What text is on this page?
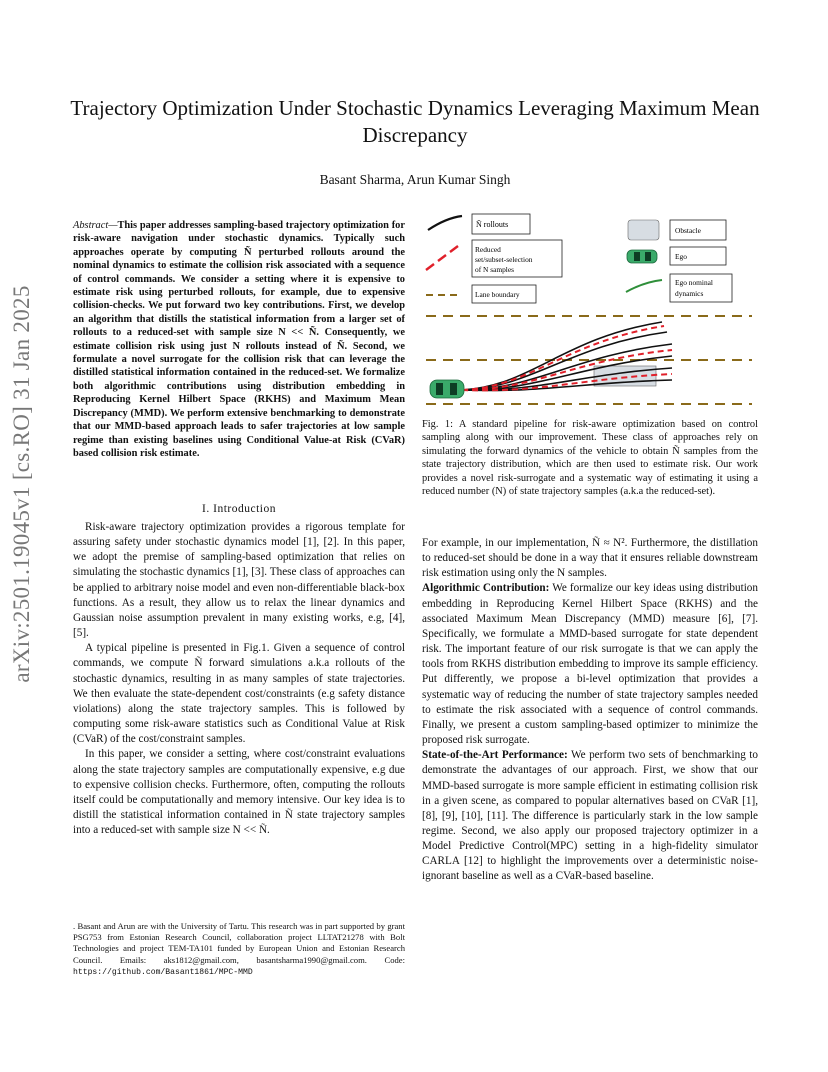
arXiv:2501.19045v1 [cs.RO] 31 Jan 2025
Trajectory Optimization Under Stochastic Dynamics Leveraging Maximum Mean Discrepancy
Basant Sharma, Arun Kumar Singh
Abstract—This paper addresses sampling-based trajectory optimization for risk-aware navigation under stochastic dynamics. Typically such approaches operate by computing Ñ perturbed rollouts around the nominal dynamics to estimate the collision risk associated with a sequence of control commands. We consider a setting where it is expensive to estimate risk using perturbed rollouts, for example, due to expensive collision-checks. We put forward two key contributions. First, we develop an algorithm that distills the statistical information from a larger set of rollouts to a reduced-set with sample size N << Ñ. Consequently, we estimate collision risk using just N rollouts instead of Ñ. Second, we formulate a novel surrogate for the collision risk that can leverage the distilled statistical information contained in the reduced-set. We formalize both algorithmic contributions using distribution embedding in Reproducing Kernel Hilbert Space (RKHS) and Maximum Mean Discrepancy (MMD). We perform extensive benchmarking to demonstrate that our MMD-based approach leads to safer trajectories at low sample regime than existing baselines using Conditional Value-at Risk (CVaR) based collision risk estimate.
I. Introduction

Risk-aware trajectory optimization provides a rigorous template for assuring safety under stochastic dynamics model [1], [2]. In this paper, we adopt the premise of sampling-based optimization that relies on simulating the stochastic dynamics [1], [3]. These class of approaches can be applied to arbitrary noise model and even non-differentiable black-box functions. As a result, they allow us to relax the linear dynamics and Gaussian noise assumption prevalent in many existing works, e.g, [4], [5].

A typical pipeline is presented in Fig.1. Given a sequence of control commands, we compute Ñ forward simulations a.k.a rollouts of the stochastic dynamics, resulting in as many samples of state trajectories. We then evaluate the state-dependent cost/constraints (e.g safety distance violations) along the state trajectory samples. This is followed by computing some risk-aware statistics such as Conditional Value at Risk (CVaR) of the cost/constraint samples.

In this paper, we consider a setting, where cost/constraint evaluations along the state trajectory samples are computationally expensive, e.g due to expensive collision checks. Furthermore, often, computing the rollouts itself could be computationally and memory intensive. Our key idea is to distill the statistical information contained in Ñ state trajectory samples into a reduced-set with sample size N << Ñ.

. Basant and Arun are with the University of Tartu. This research was in part supported by grant PSG753 from Estonian Research Council, collaboration project LLTAT21278 with Bolt Technologies and project TEM-TA101 funded by European Union and Estonian Research Council. Emails: aks1812@gmail.com, basantsharma1990@gmail.com. Code: https://github.com/Basant1861/MPC-MMD
Ñ rollouts
Reduced
set/subset-selection
of N samples
Lane boundary
Obstacle
Ego
Ego nominal
dynamics
Fig. 1: A standard pipeline for risk-aware optimization based on control sampling along with our improvement. These class of approaches rely on simulating the forward dynamics of the vehicle to obtain Ñ samples from the state trajectory distribution, which are then used to estimate risk. Our work provides a novel risk-surrogate and a systematic way of estimating it using a reduced number (N) of state trajectory samples (a.k.a the reduced-set).

For example, in our implementation, Ñ ≈ N². Furthermore, the distillation to reduced-set should be done in a way that it ensures reliable downstream risk estimation using only the N samples.

Algorithmic Contribution: We formalize our key ideas using distribution embedding in Reproducing Kernel Hilbert Space (RKHS) and the associated Maximum Mean Discrepancy (MMD) measure [6], [7]. Specifically, we formulate a MMD-based surrogate for state dependent risk. The important feature of our risk surrogate is that we can apply the tools from RKHS distribution embedding to improve its sample efficiency. Put differently, we propose a bi-level optimization that provides a systematic way of reducing the number of state trajectory samples needed to estimate the risk associated with a sequence of control commands. Finally, we present a custom sampling-based optimizer to minimize the proposed risk surrogate.

State-of-the-Art Performance: We perform two sets of benchmarking to demonstrate the advantages of our approach. First, we show that our MMD-based surrogate is more sample efficient in estimating collision risk in a given scene, as compared to popular alternatives based on CVaR [1], [8], [9], [10], [11]. The difference is particularly stark in the low sample regime. Second, we also apply our proposed trajectory optimizer in a Model Predictive Control(MPC) setting in a high-fidelity simulator CARLA [12] to highlight the improvements over a deterministic noise-ignorant baseline as well as a CVaR-based baseline.
